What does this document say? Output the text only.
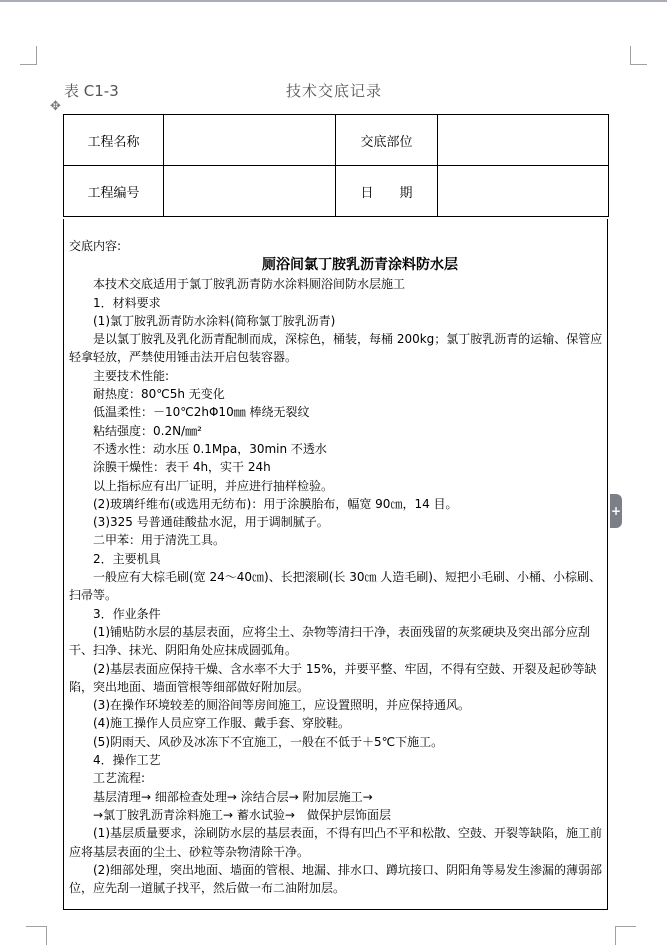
表 C1-3	技术交底记录
✥
工程名称		交底部位	
工程编号		日　　期	

交底内容:

厕浴间氯丁胺乳沥青涂料防水层

本技术交底适用于氯丁胺乳沥青防水涂料厕浴间防水层施工

1．材料要求

(1)氯丁胺乳沥青防水涂料(简称氯丁胺乳沥青)

是以氯丁胺乳及乳化沥青配制而成，深棕色，桶装，每桶 200kg；氯丁胺乳沥青的运输、保管应轻拿轻放，严禁使用锤击法开启包装容器。

主要技术性能:

耐热度：80℃5h 无变化

低温柔性：－10℃2hΦ10㎜ 棒绕无裂纹

粘结强度：0.2N/㎜²

不透水性：动水压 0.1Mpa，30min 不透水

涂膜干燥性：表干 4h，实干 24h

以上指标应有出厂证明，并应进行抽样检验。

(2)玻璃纤维布(或选用无纺布)：用于涂膜胎布，幅宽 90㎝，14 目。

(3)325 号普通硅酸盐水泥，用于调制腻子。

二甲苯：用于清洗工具。

2．主要机具

一般应有大棕毛刷(宽 24～40㎝)、长把滚刷(长 30㎝ 人造毛刷)、短把小毛刷、小桶、小棕刷、扫帚等。

3．作业条件

(1)铺贴防水层的基层表面，应将尘土、杂物等清扫干净，表面残留的灰浆硬块及突出部分应刮干、扫净、抹光、阴阳角处应抹成圆弧角。

(2)基层表面应保持干燥、含水率不大于 15%，并要平整、牢固，不得有空鼓、开裂及起砂等缺陷，突出地面、墙面管根等细部做好附加层。

(3)在操作环境较差的厕浴间等房间施工，应设置照明，并应保持通风。

(4)施工操作人员应穿工作服、戴手套、穿胶鞋。

(5)阴雨天、风砂及冰冻下不宜施工，一般在不低于＋5℃下施工。

4．操作工艺

工艺流程:

基层清理→ 细部检查处理→ 涂结合层→ 附加层施工→

→氯丁胺乳沥青涂料施工→ 蓄水试验→　做保护层饰面层

(1)基层质量要求，涂刷防水层的基层表面，不得有凹凸不平和松散、空鼓、开裂等缺陷，施工前应将基层表面的尘土、砂粒等杂物清除干净。

(2)细部处理，突出地面、墙面的管根、地漏、排水口、蹲坑接口、阴阳角等易发生渗漏的薄弱部位，应先刮一道腻子找平，然后做一布二油附加层。

+
